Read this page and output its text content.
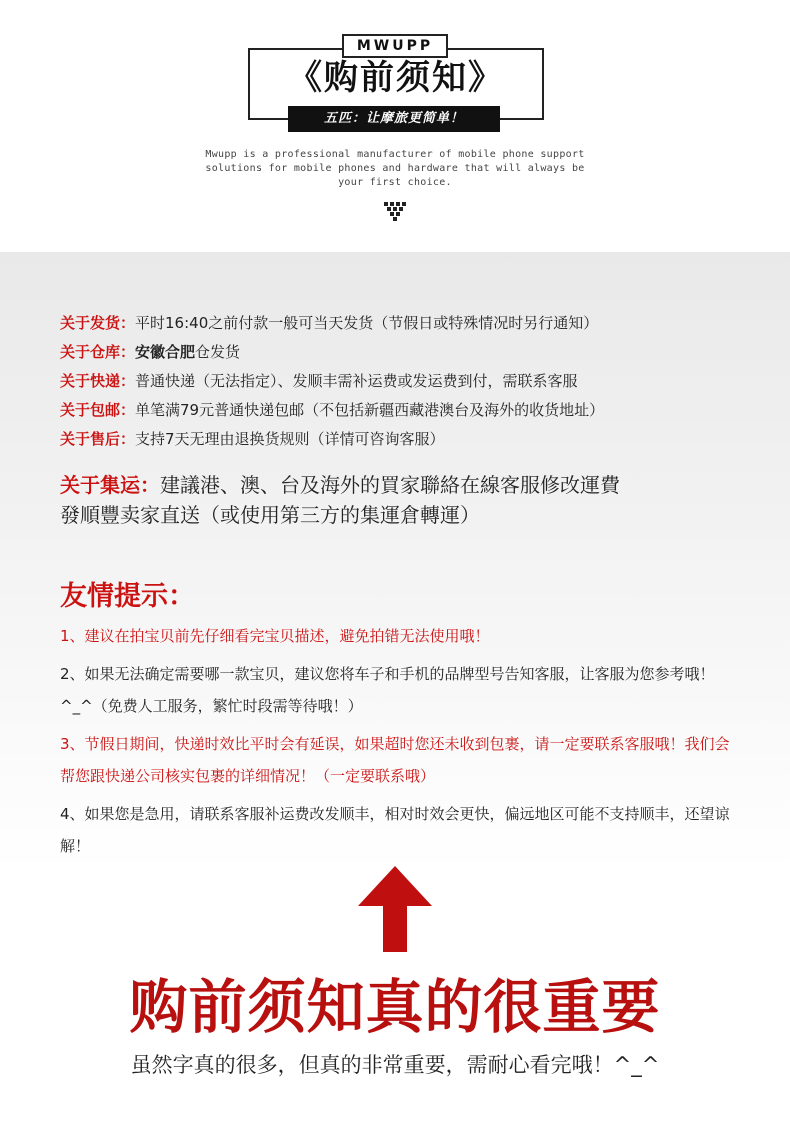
MWUPP
《购前须知》
五匹：让摩旅更简单！
Mwupp is a professional manufacturer of mobile phone support
solutions for mobile phones and hardware that will always be
your first choice.
关于发货：平时16:40之前付款一般可当天发货（节假日或特殊情况时另行通知）
关于仓库：安徽合肥仓发货
关于快递：普通快递（无法指定）、发顺丰需补运费或发运费到付，需联系客服
关于包邮：单笔满79元普通快递包邮（不包括新疆西藏港澳台及海外的收货地址）
关于售后：支持7天无理由退换货规则（详情可咨询客服）
关于集运：建議港、澳、台及海外的買家聯絡在線客服修改運費
發順豐卖家直送（或使用第三方的集運倉轉運）
友情提示：
1、建议在拍宝贝前先仔细看完宝贝描述，避免拍错无法使用哦！
2、如果无法确定需要哪一款宝贝，建议您将车子和手机的品牌型号告知客服，让客服为您参考哦！^_^（免费人工服务，繁忙时段需等待哦！）
3、节假日期间，快递时效比平时会有延误，如果超时您还未收到包裹，请一定要联系客服哦！我们会帮您跟快递公司核实包裹的详细情况！（一定要联系哦）
4、如果您是急用，请联系客服补运费改发顺丰，相对时效会更快，偏远地区可能不支持顺丰，还望谅解！
购前须知真的很重要
虽然字真的很多，但真的非常重要，需耐心看完哦！^_^
